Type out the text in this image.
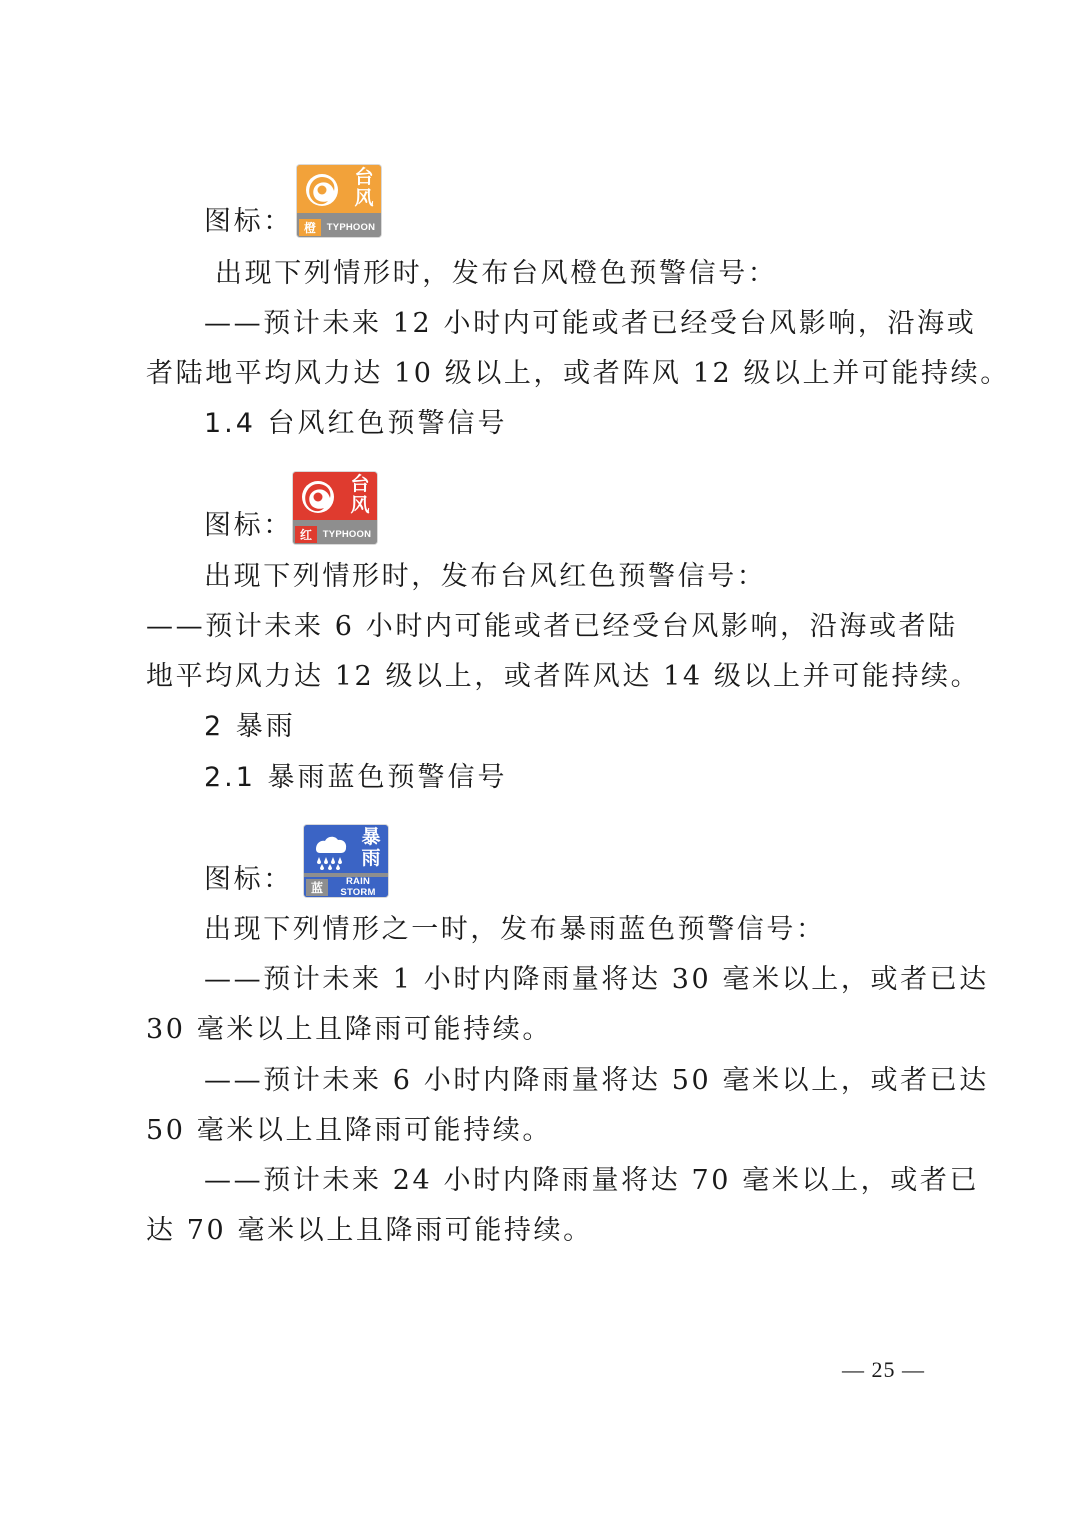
图标：
台风
橙	TYPHOON
出现下列情形时，发布台风橙色预警信号：
——预计未来 12 小时内可能或者已经受台风影响，沿海或
者陆地平均风力达 10 级以上，或者阵风 12 级以上并可能持续。
1.4 台风红色预警信号
图标：
台风
红	TYPHOON
出现下列情形时，发布台风红色预警信号：
——预计未来 6 小时内可能或者已经受台风影响，沿海或者陆
地平均风力达 12 级以上，或者阵风达 14 级以上并可能持续。
2 暴雨
2.1 暴雨蓝色预警信号
图标：
暴雨
蓝	RAIN STORM
出现下列情形之一时，发布暴雨蓝色预警信号：
——预计未来 1 小时内降雨量将达 30 毫米以上，或者已达
30 毫米以上且降雨可能持续。
——预计未来 6 小时内降雨量将达 50 毫米以上，或者已达
50 毫米以上且降雨可能持续。
——预计未来 24 小时内降雨量将达 70 毫米以上，或者已
达 70 毫米以上且降雨可能持续。
— 25 —
